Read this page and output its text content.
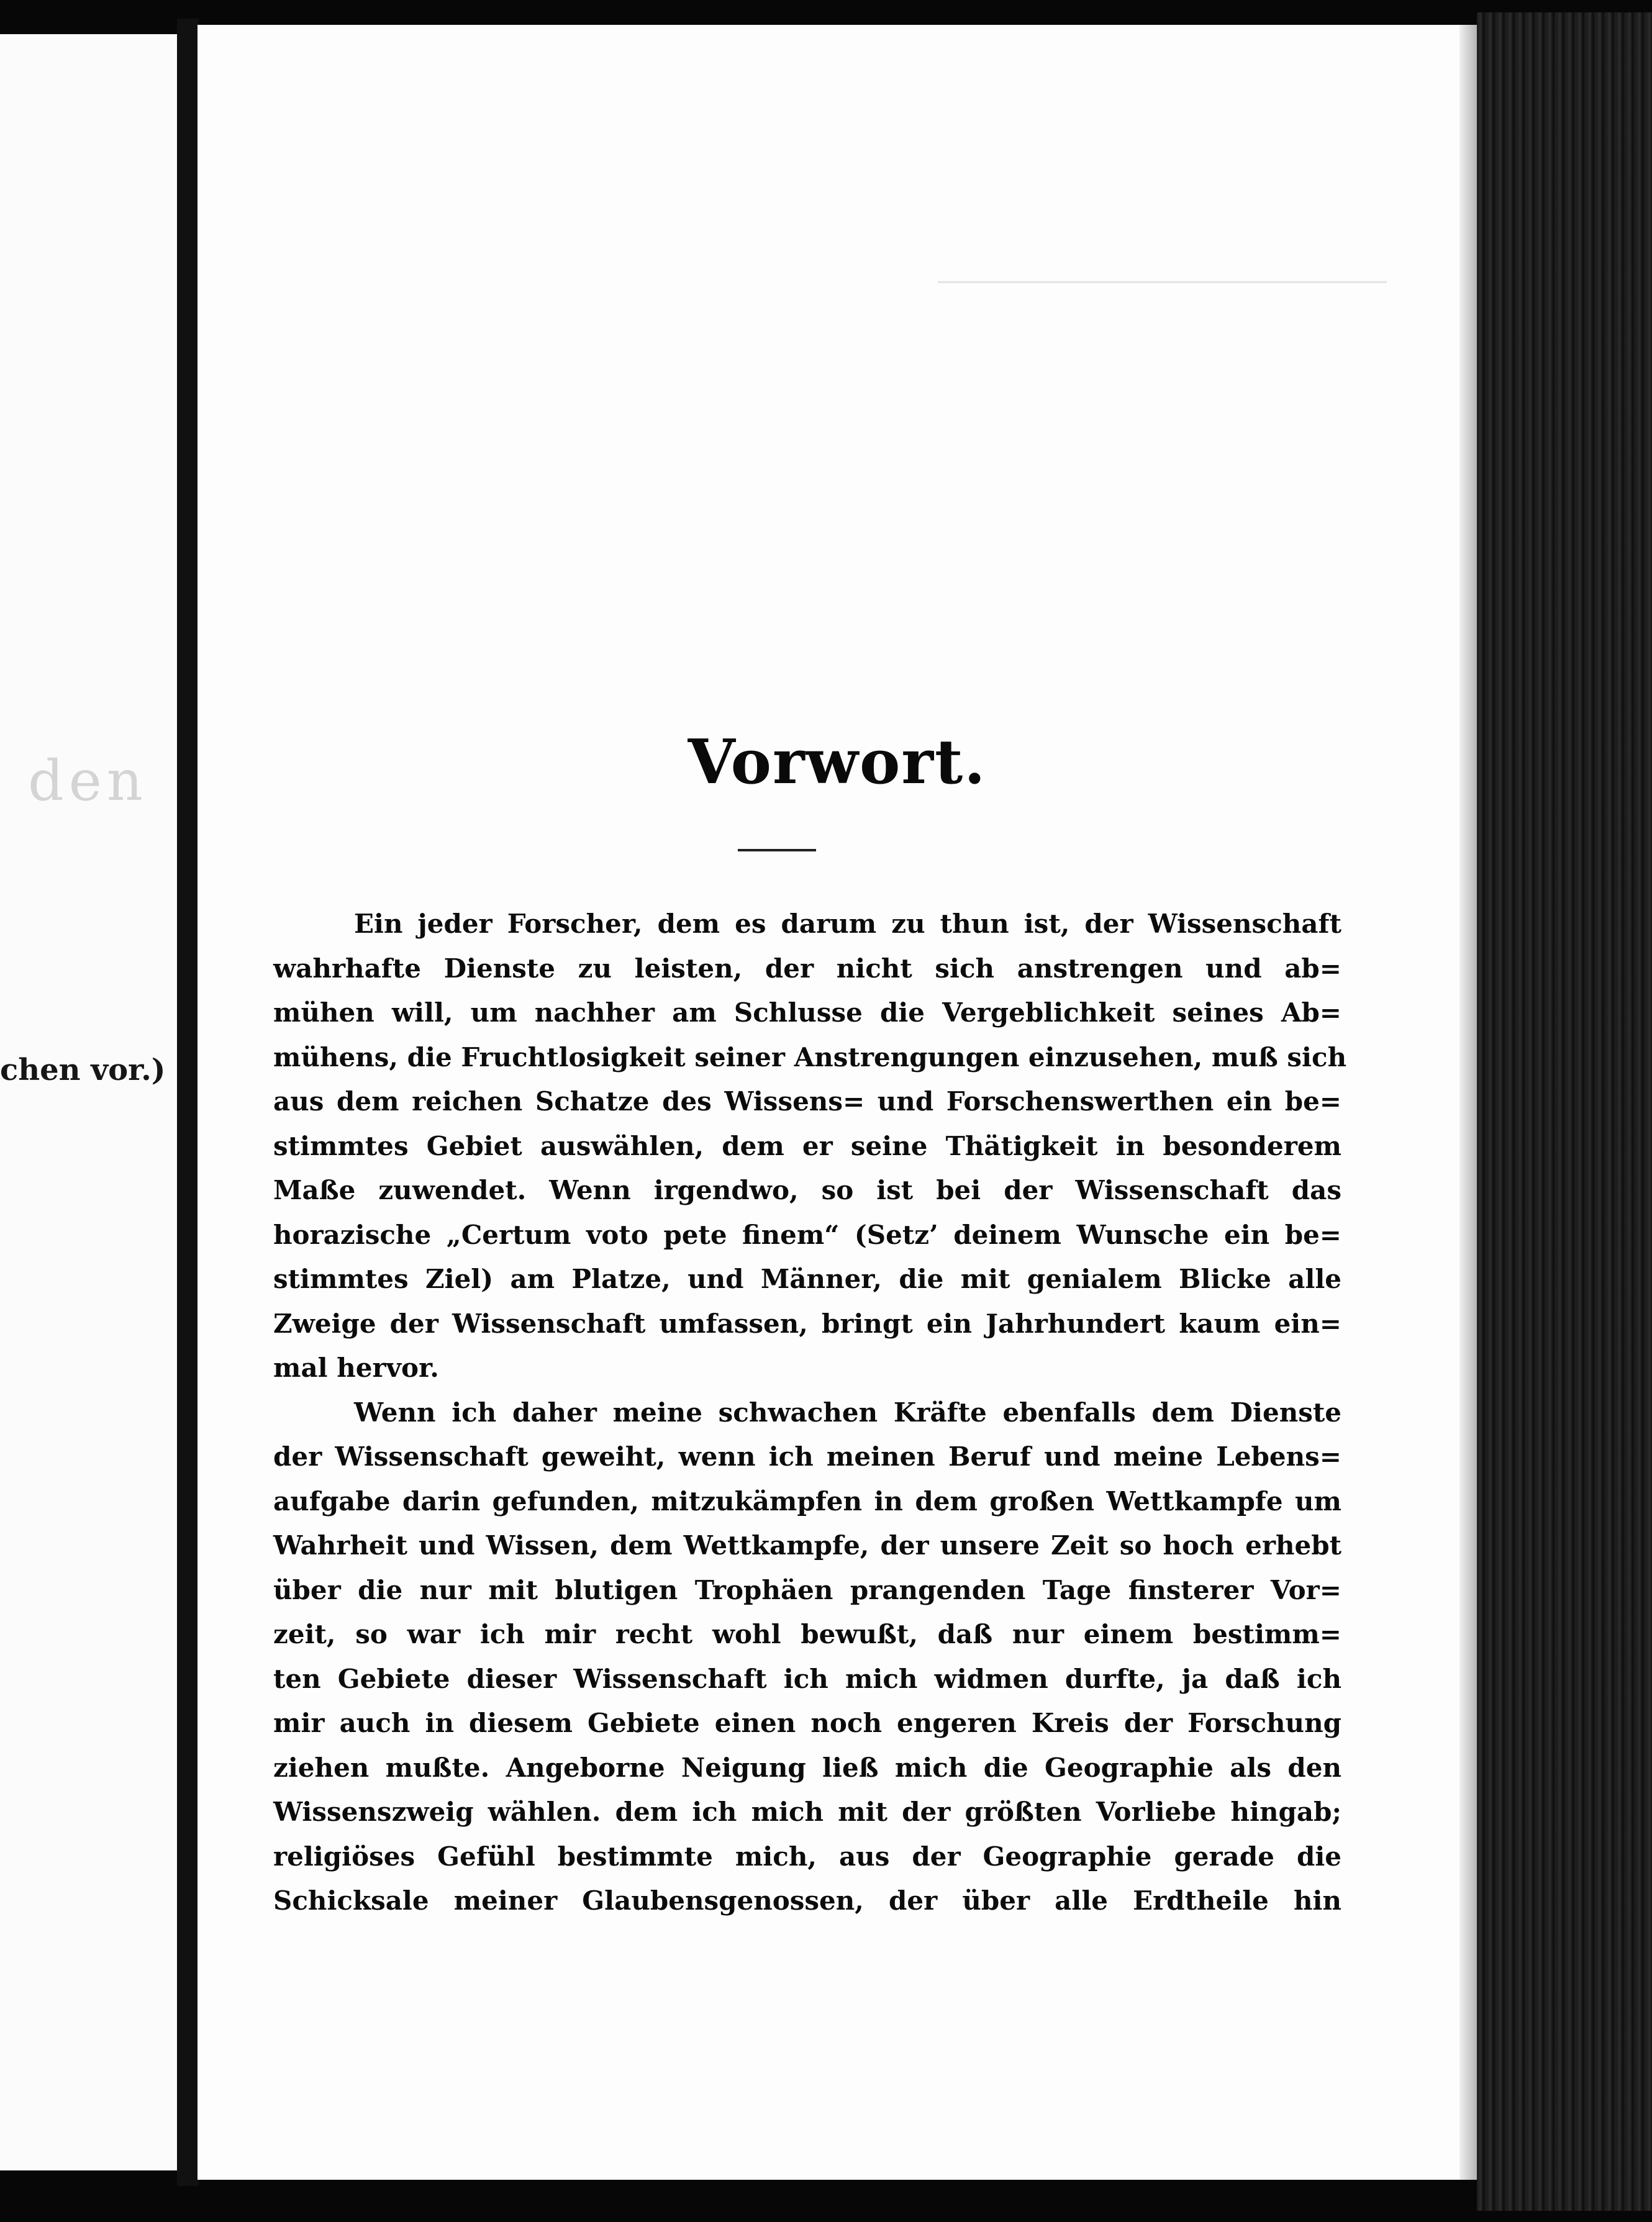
den
chen vor.)
──────────────────────────────
Vorwort.
Ein jeder Forscher, dem es darum zu thun ist, der Wissenschaft
wahrhafte Dienste zu leisten, der nicht sich anstrengen und ab=
mühen will, um nachher am Schlusse die Vergeblichkeit seines Ab=
mühens, die Fruchtlosigkeit seiner Anstrengungen einzusehen, muß sich
aus dem reichen Schatze des Wissens= und Forschenswerthen ein be=
stimmtes Gebiet auswählen, dem er seine Thätigkeit in besonderem
Maße zuwendet. Wenn irgendwo, so ist bei der Wissenschaft das
horazische „Certum voto pete finem“ (Setz’ deinem Wunsche ein be=
stimmtes Ziel) am Platze, und Männer, die mit genialem Blicke alle
Zweige der Wissenschaft umfassen, bringt ein Jahrhundert kaum ein=
mal hervor.
Wenn ich daher meine schwachen Kräfte ebenfalls dem Dienste
der Wissenschaft geweiht, wenn ich meinen Beruf und meine Lebens=
aufgabe darin gefunden, mitzukämpfen in dem großen Wettkampfe um
Wahrheit und Wissen, dem Wettkampfe, der unsere Zeit so hoch erhebt
über die nur mit blutigen Trophäen prangenden Tage finsterer Vor=
zeit, so war ich mir recht wohl bewußt, daß nur einem bestimm=
ten Gebiete dieser Wissenschaft ich mich widmen durfte, ja daß ich
mir auch in diesem Gebiete einen noch engeren Kreis der Forschung
ziehen mußte. Angeborne Neigung ließ mich die Geographie als den
Wissenszweig wählen. dem ich mich mit der größten Vorliebe hingab;
religiöses Gefühl bestimmte mich, aus der Geographie gerade die
Schicksale meiner Glaubensgenossen, der über alle Erdtheile hin
